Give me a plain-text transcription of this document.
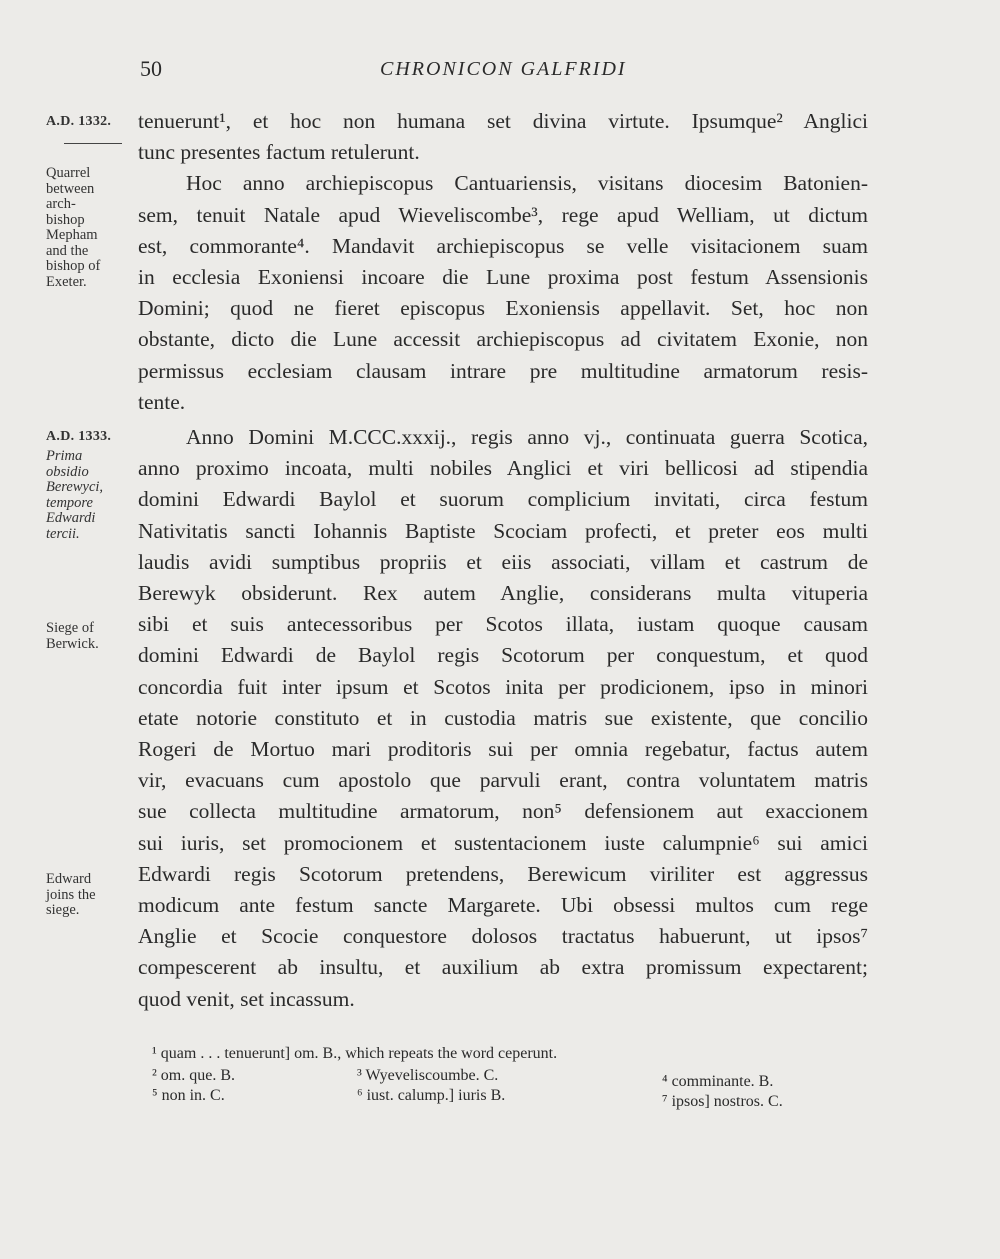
50	CHRONICON GALFRIDI
A.D. 1332.
Quarrel
between
arch-
bishop
Mepham
and the
bishop of
Exeter.
A.D. 1333.
Prima
obsidio
Berewyci,
tempore
Edwardi
tercii.
Siege of
Berwick.
Edward
joins the
siege.

tenuerunt¹, et hoc non humana set divina virtute. Ipsumque² Anglici
tunc presentes factum retulerunt.

Hoc anno archiepiscopus Cantuariensis, visitans diocesim Batonien-
sem, tenuit Natale apud Wieveliscombe³, rege apud Welliam, ut dictum
est, commorante⁴. Mandavit archiepiscopus se velle visitacionem suam
in ecclesia Exoniensi incoare die Lune proxima post festum Assensionis
Domini; quod ne fieret episcopus Exoniensis appellavit. Set, hoc non
obstante, dicto die Lune accessit archiepiscopus ad civitatem Exonie, non
permissus ecclesiam clausam intrare pre multitudine armatorum resis-
tente.

Anno Domini M.CCC.xxxij., regis anno vj., continuata guerra Scotica,
anno proximo incoata, multi nobiles Anglici et viri bellicosi ad stipendia
domini Edwardi Baylol et suorum complicium invitati, circa festum
Nativitatis sancti Iohannis Baptiste Scociam profecti, et preter eos multi
laudis avidi sumptibus propriis et eiis associati, villam et castrum de
Berewyk obsiderunt. Rex autem Anglie, considerans multa vituperia
sibi et suis antecessoribus per Scotos illata, iustam quoque causam
domini Edwardi de Baylol regis Scotorum per conquestum, et quod
concordia fuit inter ipsum et Scotos inita per prodicionem, ipso in minori
etate notorie constituto et in custodia matris sue existente, que concilio
Rogeri de Mortuo mari proditoris sui per omnia regebatur, factus autem
vir, evacuans cum apostolo que parvuli erant, contra voluntatem matris
sue collecta multitudine armatorum, non⁵ defensionem aut exaccionem
sui iuris, set promocionem et sustentacionem iuste calumpnie⁶ sui amici
Edwardi regis Scotorum pretendens, Berewicum viriliter est aggressus
modicum ante festum sancte Margarete. Ubi obsessi multos cum rege
Anglie et Scocie conquestore dolosos tractatus habuerunt, ut ipsos⁷
compescerent ab insultu, et auxilium ab extra promissum expectarent;
quod venit, set incassum.

¹ quam . . . tenuerunt] om. B., which repeats the word ceperunt.
² om. que. B.	³ Wyeveliscoumbe. C.	⁴ comminante. B.
⁵ non in. C.	⁶ iust. calump.] iuris B.	⁷ ipsos] nostros. C.
